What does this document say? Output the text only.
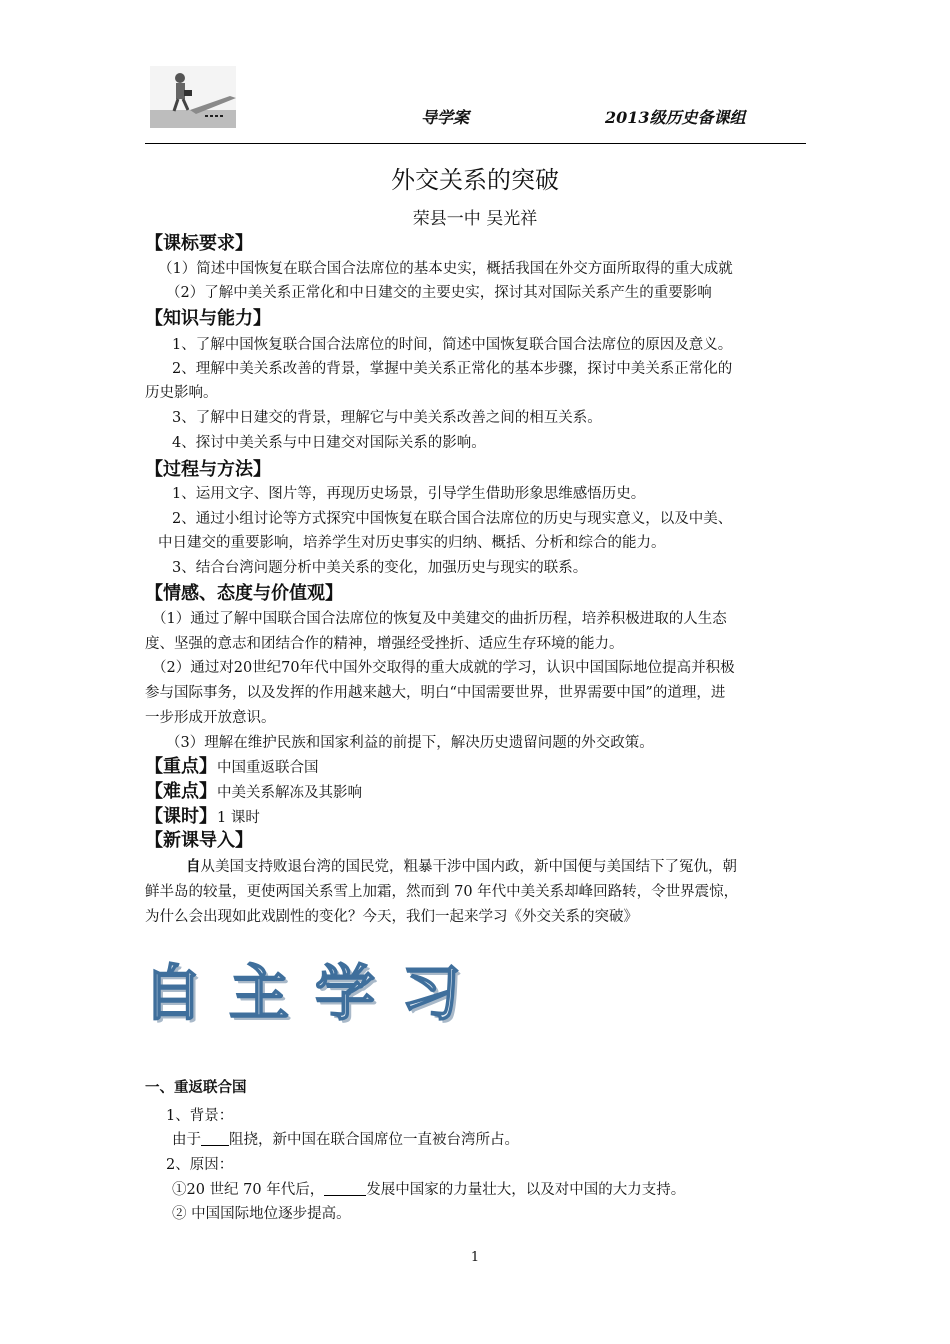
导学案	2013级历史备课组
外交关系的突破
荣县一中 吴光祥
【课标要求】
（1）简述中国恢复在联合国合法席位的基本史实，概括我国在外交方面所取得的重大成就
（2）了解中美关系正常化和中日建交的主要史实，探讨其对国际关系产生的重要影响
【知识与能力】
1、了解中国恢复联合国合法席位的时间，简述中国恢复联合国合法席位的原因及意义。
2、理解中美关系改善的背景，掌握中美关系正常化的基本步骤，探讨中美关系正常化的
历史影响。
3、了解中日建交的背景，理解它与中美关系改善之间的相互关系。
4、探讨中美关系与中日建交对国际关系的影响。
【过程与方法】
1、运用文字、图片等，再现历史场景，引导学生借助形象思维感悟历史。
2、通过小组讨论等方式探究中国恢复在联合国合法席位的历史与现实意义，以及中美、
中日建交的重要影响，培养学生对历史事实的归纳、概括、分析和综合的能力。
3、结合台湾问题分析中美关系的变化，加强历史与现实的联系。
【情感、态度与价值观】
（1）通过了解中国联合国合法席位的恢复及中美建交的曲折历程，培养积极进取的人生态
度、坚强的意志和团结合作的精神，增强经受挫折、适应生存环境的能力。
（2）通过对20世纪70年代中国外交取得的重大成就的学习，认识中国国际地位提高并积极
参与国际事务，以及发挥的作用越来越大，明白“中国需要世界，世界需要中国”的道理，进
一步形成开放意识。
（3）理解在维护民族和国家利益的前提下，解决历史遗留问题的外交政策。
【重点】中国重返联合国
【难点】中美关系解冻及其影响
【课时】1 课时
【新课导入】
自从美国支持败退台湾的国民党，粗暴干涉中国内政，新中国便与美国结下了冤仇，朝
鲜半岛的较量，更使两国关系雪上加霜，然而到 70 年代中美关系却峰回路转，令世界震惊，
为什么会出现如此戏剧性的变化？今天，我们一起来学习《外交关系的突破》
自主学习
一、重返联合国
1、背景：
由于 阻挠，新中国在联合国席位一直被台湾所占。
2、原因：
①20 世纪 70 年代后，	发展中国家的力量壮大，以及对中国的大力支持。
② 中国国际地位逐步提高。
1
